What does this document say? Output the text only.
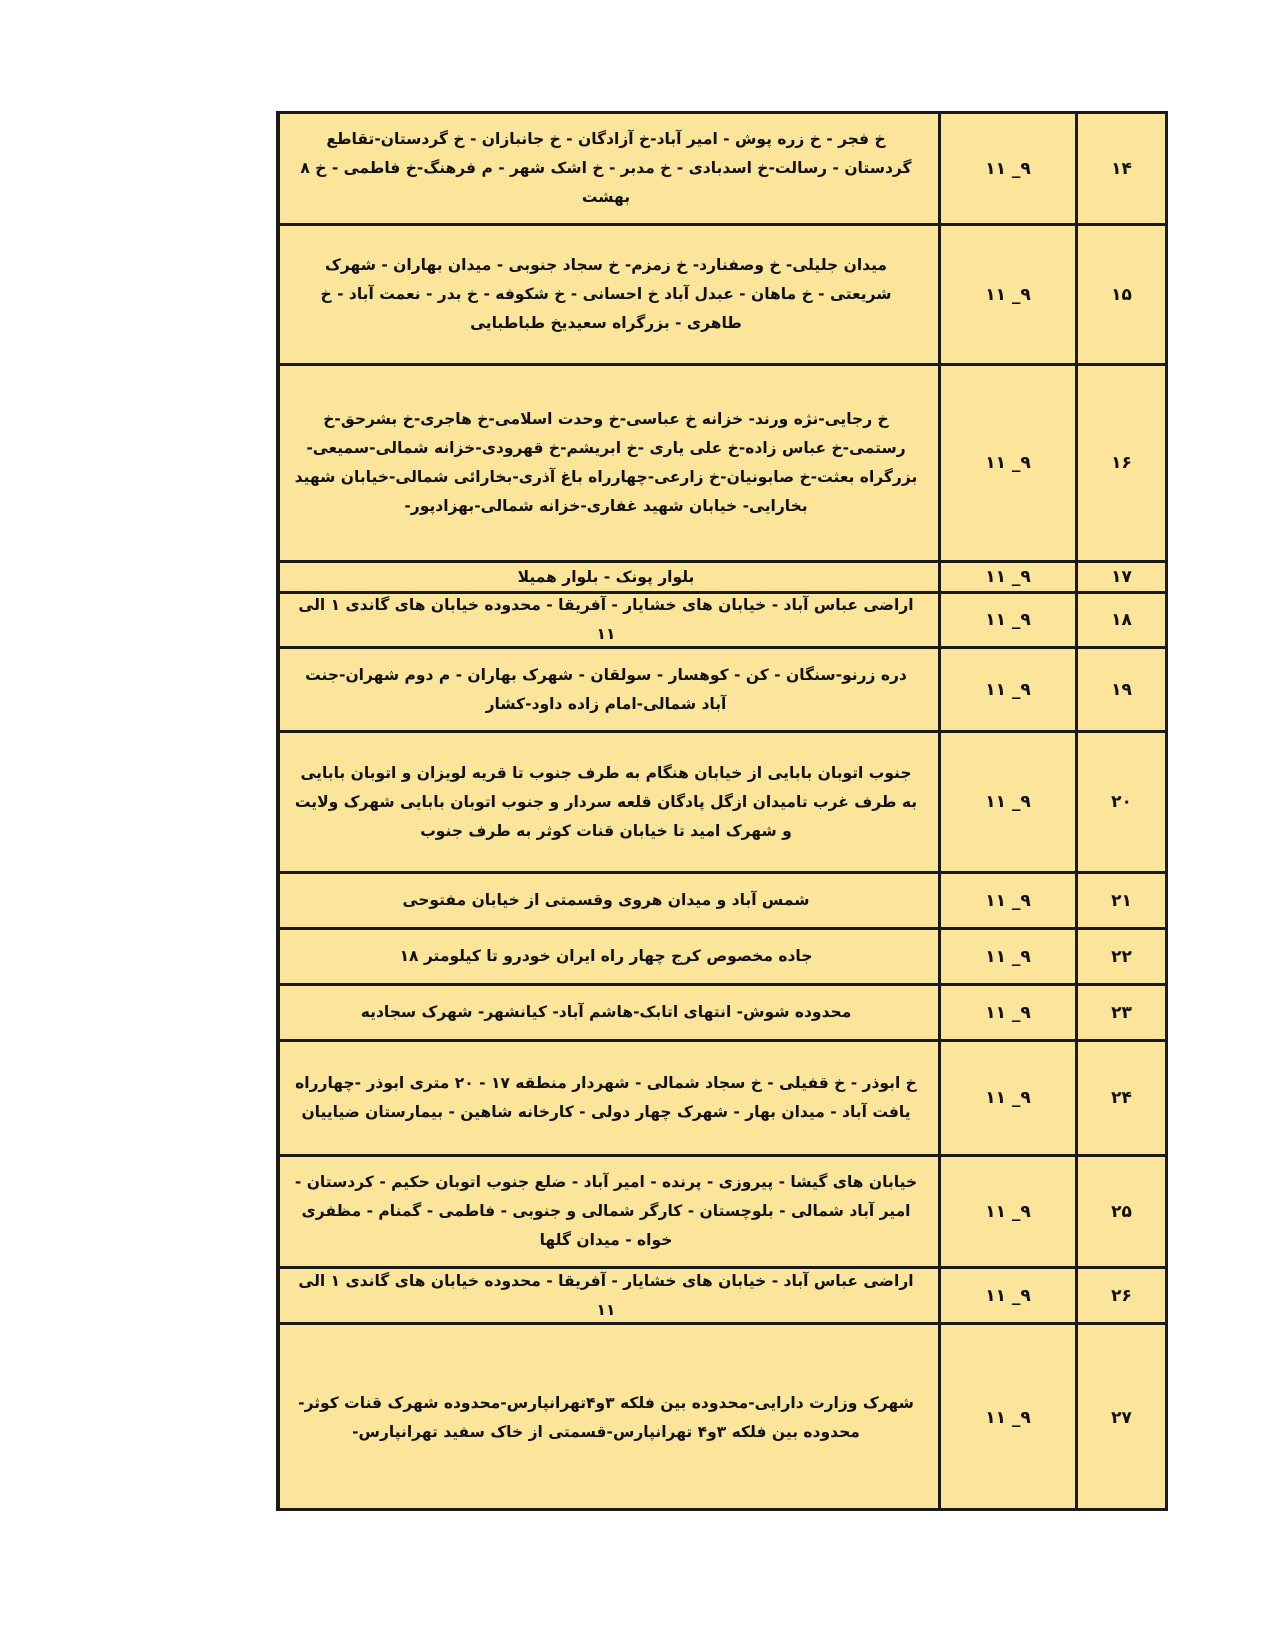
۱۴
۱۱ _۹
خ فجر - خ زره پوش - امیر آباد-خ آزادگان - خ جانبازان - خ گردستان-تقاطع گردستان - رسالت-خ اسدبادی - خ مدبر - خ اشک شهر - م فرهنگ-خ فاطمی - خ ۸ بهشت
۱۵
۱۱ _۹
میدان جلیلی- خ وصفنارد- خ زمزم- خ سجاد جنوبی - میدان بهاران - شهرک شریعتی - خ ماهان - عبدل آباد خ احسانی - خ شکوفه - خ بدر - نعمت آباد - خ طاهری - بزرگراه سعیدیخ طباطبایی
۱۶
۱۱ _۹
خ رجایی-نژه ورند- خزانه خ عباسی-خ وحدت اسلامی-خ هاجری-خ بشرحق-خ رستمی-خ عباس زاده-خ علی یاری -خ ابریشم-خ قهرودی-خزانه شمالی-سمیعی-بزرگراه بعثت-خ صابونیان-خ زارعی-چهارراه باغ آذری-بخارائی شمالی-خیابان شهید بخارایی- خیابان شهید غفاری-خزانه شمالی-بهزادپور-
۱۷
۱۱ _۹
بلوار پونک - بلوار همیلا
۱۸
۱۱ _۹
اراضی عباس آباد - خیابان های خشایار - آفریقا - محدوده خیابان های گاندی ۱ الی ۱۱
۱۹
۱۱ _۹
دره زرنو-سنگان - کن - کوهسار - سولقان - شهرک بهاران - م دوم شهران-جنت آباد شمالی-امام زاده داود-کشار
۲۰
۱۱ _۹
جنوب اتوبان بابایی از خیابان هنگام به طرف جنوب تا قریه لویزان و اتوبان بابایی به طرف غرب تامیدان ازگل پادگان قلعه سردار و جنوب اتوبان بابایی شهرک ولایت و شهرک امید تا خیابان قنات کوثر به طرف جنوب
۲۱
۱۱ _۹
شمس آباد و میدان هروی وقسمتی از خیابان مفتوحی
۲۲
۱۱ _۹
جاده مخصوص کرج چهار راه ایران خودرو تا کیلومتر ۱۸
۲۳
۱۱ _۹
محدوده شوش- انتهای اتابک-هاشم آباد- کیانشهر- شهرک سجادیه
۲۴
۱۱ _۹
خ ابوذر - خ قفیلی - خ سجاد شمالی - شهردار منطقه ۱۷ - ۲۰ متری ابوذر -چهارراه یافت آباد - میدان بهار - شهرک چهار دولی - کارخانه شاهین - بیمارستان ضیاییان
۲۵
۱۱ _۹
خیابان های گیشا - پیروزی - پرنده - امیر آباد - ضلع جنوب اتوبان حکیم - کردستان - امیر آباد شمالی - بلوچستان - کارگر شمالی و جنوبی - فاطمی - گمنام - مظفری خواه - میدان گلها
۲۶
۱۱ _۹
اراضی عباس آباد - خیابان های خشایار - آفریقا - محدوده خیابان های گاندی ۱ الی ۱۱
۲۷
۱۱ _۹
شهرک وزارت دارایی-محدوده بین فلکه ۳و۴تهرانپارس-محدوده شهرک قنات کوثر-محدوده بین فلکه ۳و۴ تهرانپارس-قسمتی از خاک سفید تهرانپارس-
